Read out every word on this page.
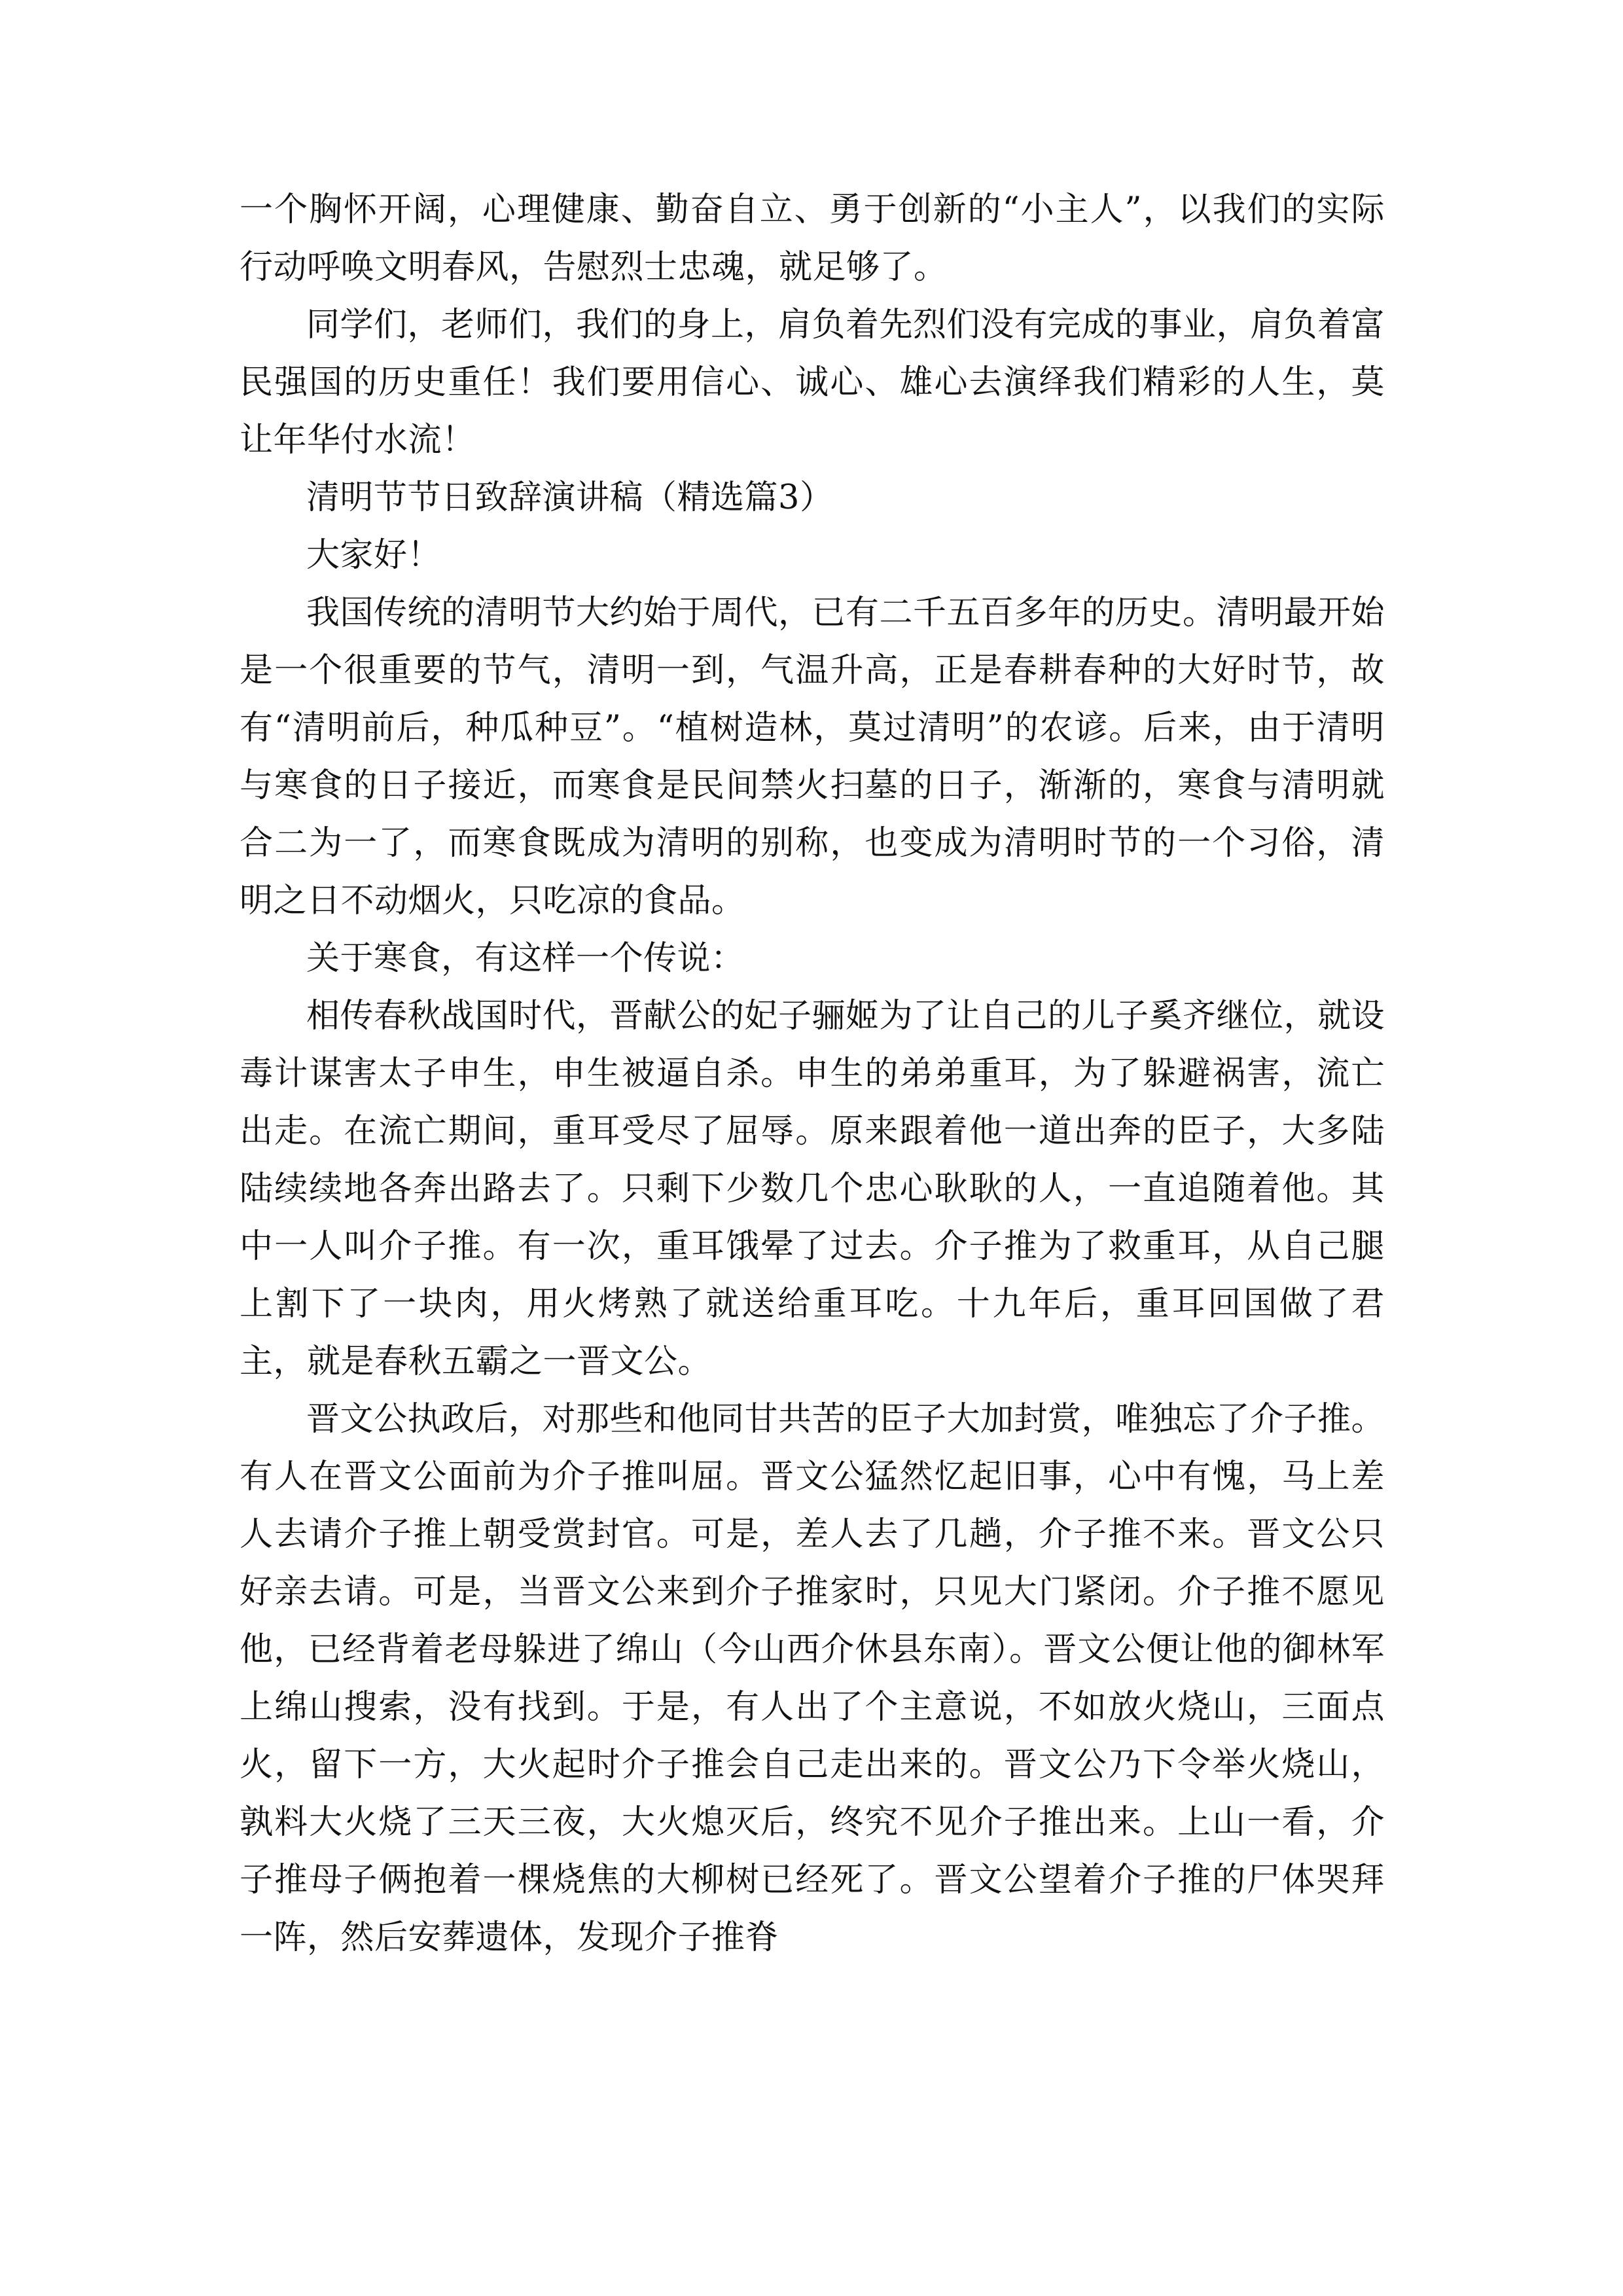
一个胸怀开阔，心理健康、勤奋自立、勇于创新的“小主人”，以我们的实际行动呼唤文明春风，告慰烈士忠魂，就足够了。

同学们，老师们，我们的身上，肩负着先烈们没有完成的事业，肩负着富民强国的历史重任！我们要用信心、诚心、雄心去演绎我们精彩的人生，莫让年华付水流！

清明节节日致辞演讲稿（精选篇3）

大家好！

我国传统的清明节大约始于周代，已有二千五百多年的历史。清明最开始是一个很重要的节气，清明一到，气温升高，正是春耕春种的大好时节，故有“清明前后，种瓜种豆”。“植树造林，莫过清明”的农谚。后来，由于清明与寒食的日子接近，而寒食是民间禁火扫墓的日子，渐渐的，寒食与清明就合二为一了，而寒食既成为清明的别称，也变成为清明时节的一个习俗，清明之日不动烟火，只吃凉的食品。

关于寒食，有这样一个传说：

相传春秋战国时代，晋献公的妃子骊姬为了让自己的儿子奚齐继位，就设毒计谋害太子申生，申生被逼自杀。申生的弟弟重耳，为了躲避祸害，流亡出走。在流亡期间，重耳受尽了屈辱。原来跟着他一道出奔的臣子，大多陆陆续续地各奔出路去了。只剩下少数几个忠心耿耿的人，一直追随着他。其中一人叫介子推。有一次，重耳饿晕了过去。介子推为了救重耳，从自己腿上割下了一块肉，用火烤熟了就送给重耳吃。十九年后，重耳回国做了君主，就是春秋五霸之一晋文公。

晋文公执政后，对那些和他同甘共苦的臣子大加封赏，唯独忘了介子推。有人在晋文公面前为介子推叫屈。晋文公猛然忆起旧事，心中有愧，马上差人去请介子推上朝受赏封官。可是，差人去了几趟，介子推不来。晋文公只好亲去请。可是，当晋文公来到介子推家时，只见大门紧闭。介子推不愿见他，已经背着老母躲进了绵山（今山西介休县东南）。晋文公便让他的御林军上绵山搜索，没有找到。于是，有人出了个主意说，不如放火烧山，三面点火，留下一方，大火起时介子推会自己走出来的。晋文公乃下令举火烧山，孰料大火烧了三天三夜，大火熄灭后，终究不见介子推出来。上山一看，介子推母子俩抱着一棵烧焦的大柳树已经死了。晋文公望着介子推的尸体哭拜一阵，然后安葬遗体，发现介子推脊
